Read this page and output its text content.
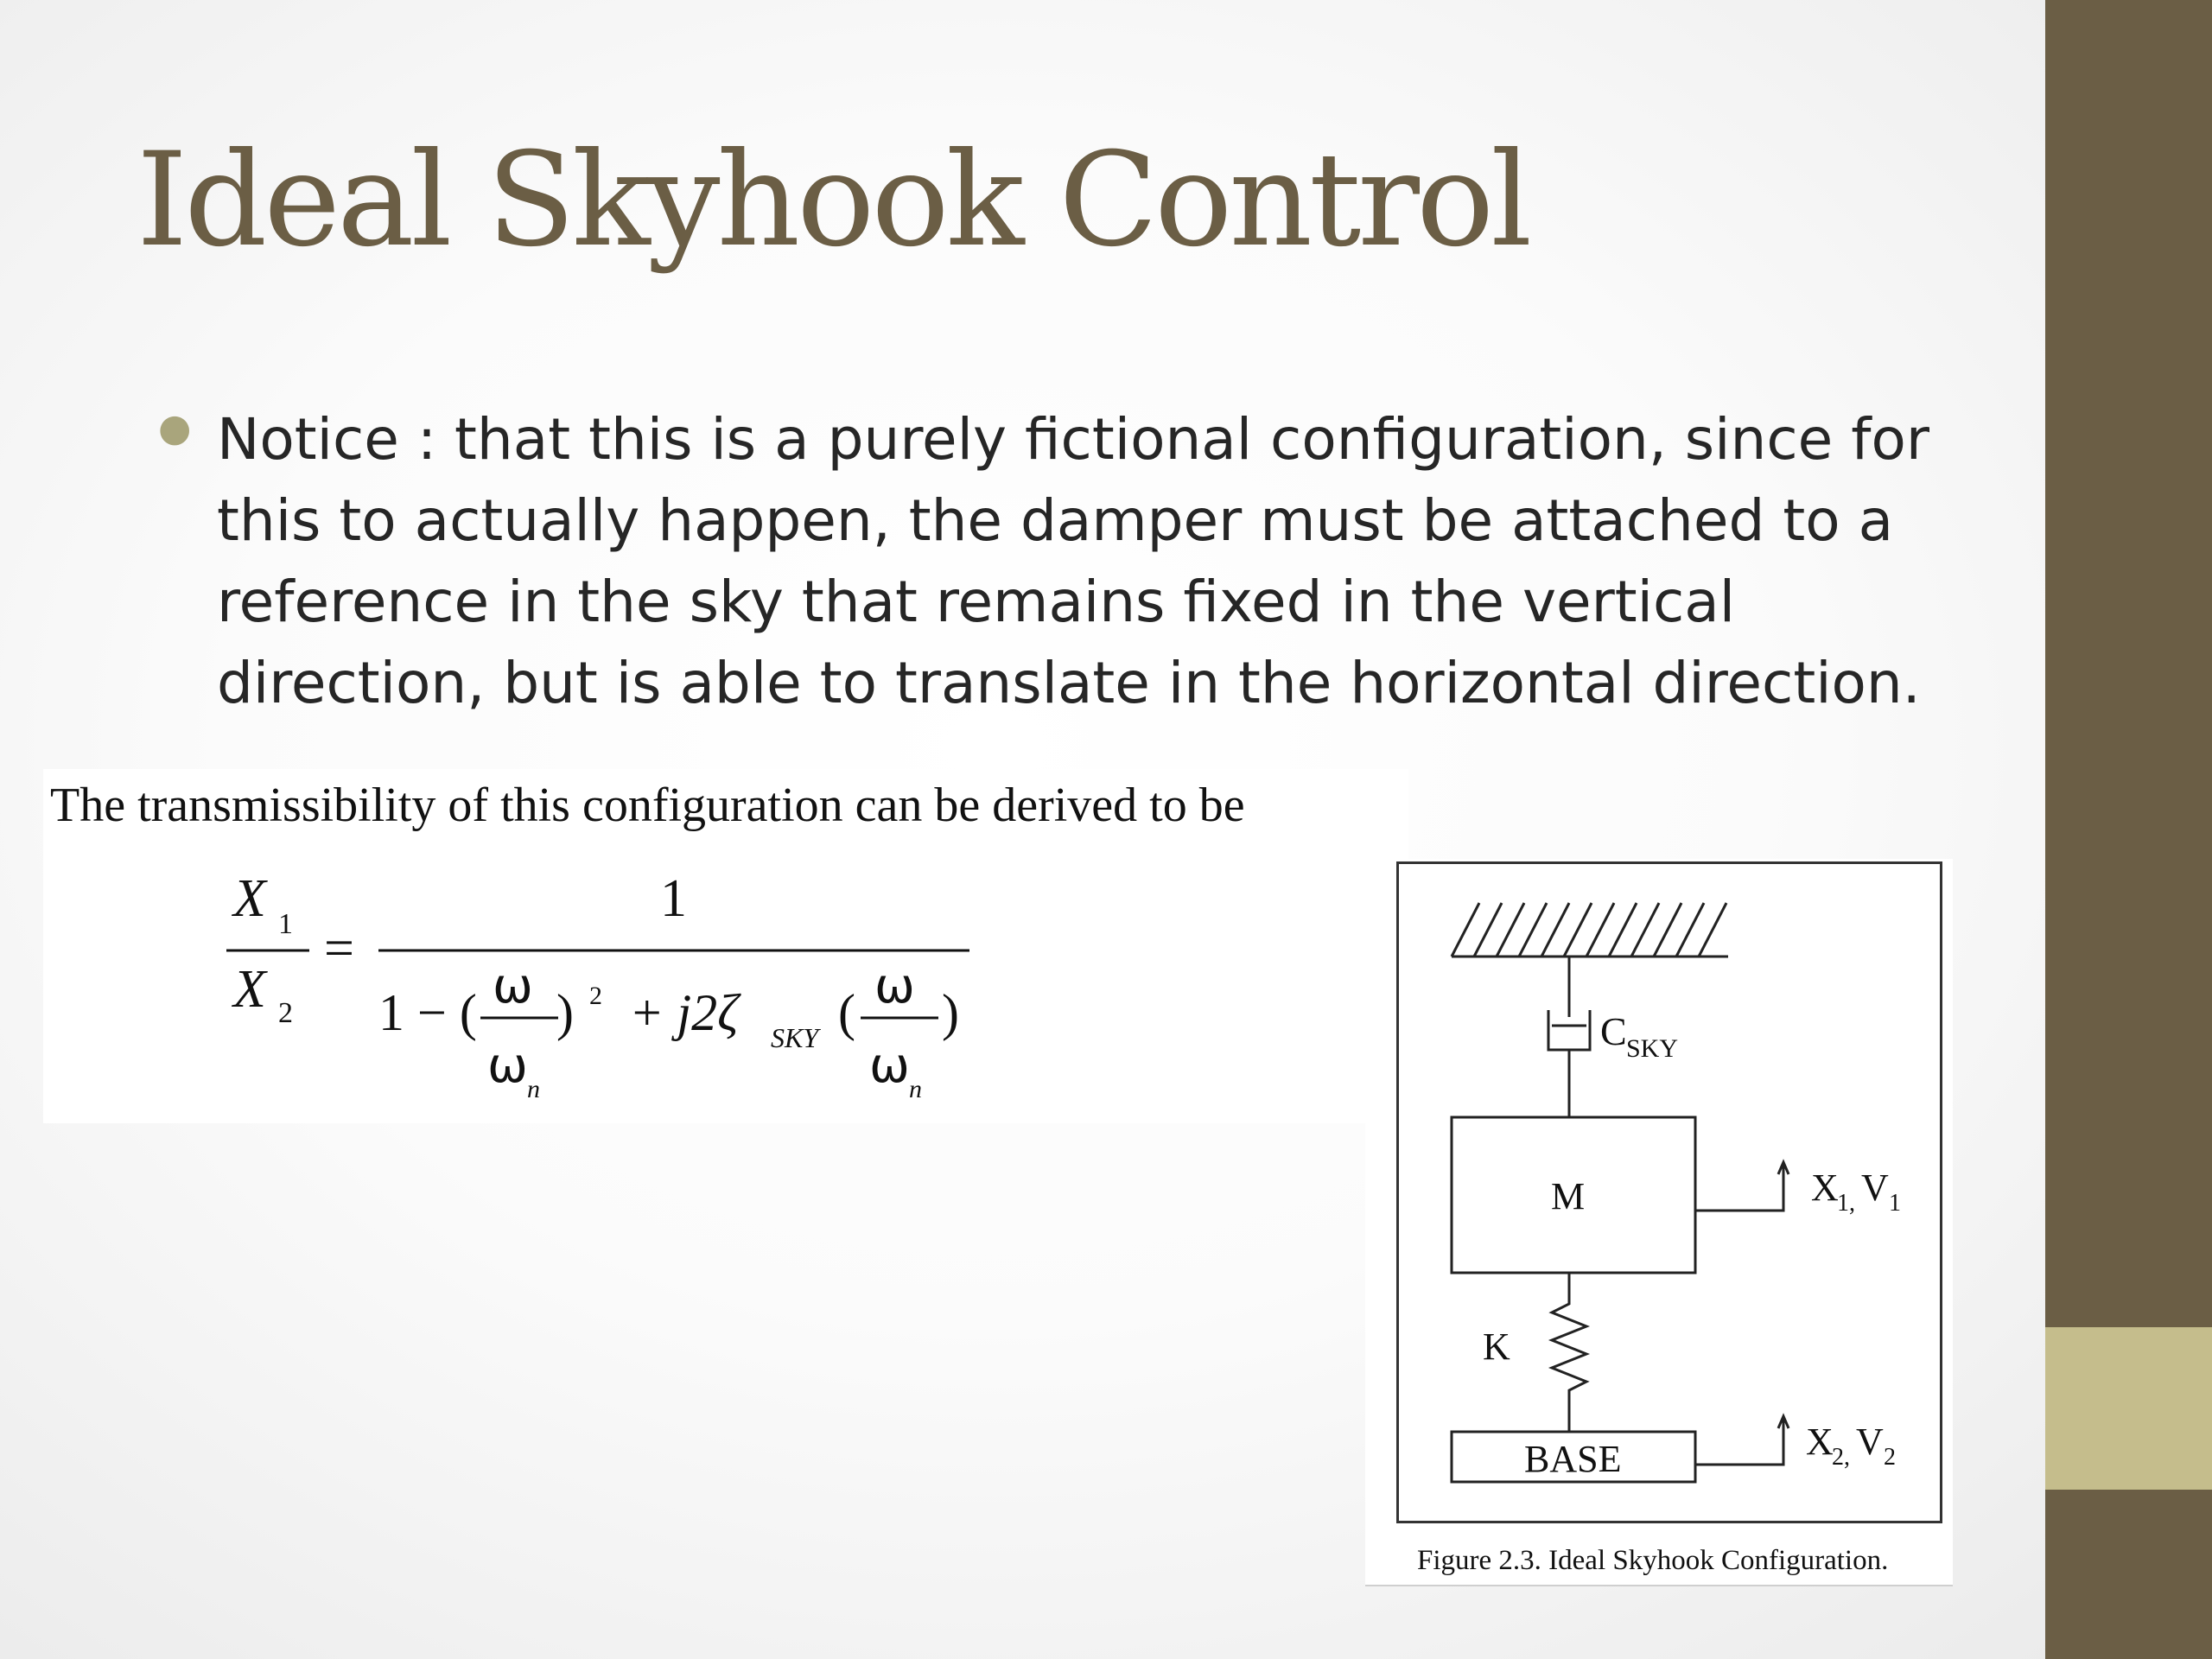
Ideal Skyhook Control
● Notice : that this is a purely fictional configuration, since for this to actually happen, the damper must be attached to a reference in the sky that remains fixed in the vertical direction, but is able to translate in the horizontal direction.
The transmissibility of this configuration can be derived to be
X 1
X 2
=
1
1 − ( ω
ω n
) 2 + j2ζ SKY ( ω
ω n
)	C SKY
M
K
BASE
X
1, V 1
X
2, V 2
Figure 2.3. Ideal Skyhook Configuration.
